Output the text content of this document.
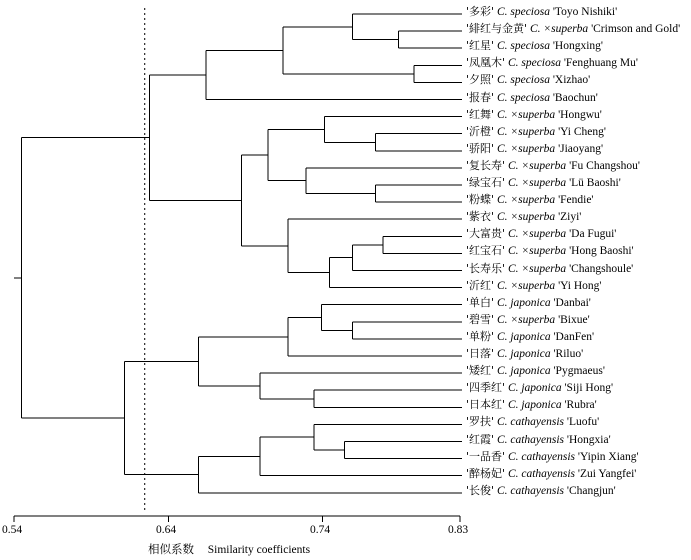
0.54	0.64	0.74	0.83
相似系数 Similarity coefficients
'多彩' C. speciosa 'Toyo Nishiki'
'緋红与金黄' C. ×superba 'Crimson and Gold'
'红星' C. speciosa 'Hongxing'
'凤凰木' C. speciosa 'Fenghuang Mu'
'夕照' C. speciosa 'Xizhao'
'报春' C. speciosa 'Baochun'
'红舞' C. ×superba 'Hongwu'
'沂橙' C. ×superba 'Yi Cheng'
'骄阳' C. ×superba 'Jiaoyang'
'复长寿' C. ×superba 'Fu Changshou'
'绿宝石' C. ×superba 'Lü Baoshi'
'粉蝶' C. ×superba 'Fendie'
'紫衣' C. ×superba 'Ziyi'
'大富贵' C. ×superba 'Da Fugui'
'红宝石' C. ×superba 'Hong Baoshi'
'长寿乐' C. ×superba 'Changshoule'
'沂红' C. ×superba 'Yi Hong'
'单白' C. japonica 'Danbai'
'碧雪' C. ×superba 'Bixue'
'单粉' C. japonica 'DanFen'
'日落' C. japonica 'Riluo'
'矮红' C. japonica 'Pygmaeus'
'四季红' C. japonica 'Siji Hong'
'日本红' C. japonica 'Rubra'
'罗扶' C. cathayensis 'Luofu'
'红霞' C. cathayensis 'Hongxia'
'一品香' C. cathayensis 'Yipin Xiang'
'醉杨妃' C. cathayensis 'Zui Yangfei'
'长俊' C. cathayensis 'Changjun'
